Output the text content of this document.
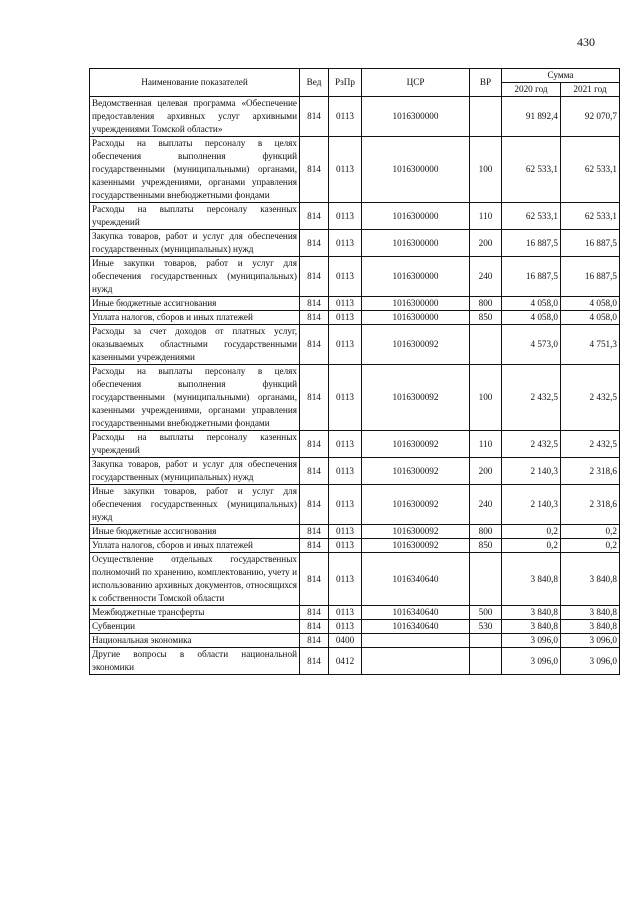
430
Наименование показателей	Вед	РзПр	ЦСР	ВР	Сумма	
					2020 год	2021 год
Ведомственная целевая программа «Обеспечение предоставления архивных услуг архивными учреждениями Томской области»	814	0113	1016300000		91 892,4	92 070,7
Расходы на выплаты персоналу в целях обеспечения выполнения функций государственными (муниципальными) органами, казенными учреждениями, органами управления государственными внебюджетными фондами	814	0113	1016300000	100	62 533,1	62 533,1
Расходы на выплаты персоналу казенных учреждений	814	0113	1016300000	110	62 533,1	62 533,1
Закупка товаров, работ и услуг для обеспечения государственных (муниципальных) нужд	814	0113	1016300000	200	16 887,5	16 887,5
Иные закупки товаров, работ и услуг для обеспечения государственных (муниципальных) нужд	814	0113	1016300000	240	16 887,5	16 887,5
Иные бюджетные ассигнования	814	0113	1016300000	800	4 058,0	4 058,0
Уплата налогов, сборов и иных платежей	814	0113	1016300000	850	4 058,0	4 058,0
Расходы за счет доходов от платных услуг, оказываемых областными государственными казенными учреждениями	814	0113	1016300092		4 573,0	4 751,3
Расходы на выплаты персоналу в целях обеспечения выполнения функций государственными (муниципальными) органами, казенными учреждениями, органами управления государственными внебюджетными фондами	814	0113	1016300092	100	2 432,5	2 432,5
Расходы на выплаты персоналу казенных учреждений	814	0113	1016300092	110	2 432,5	2 432,5
Закупка товаров, работ и услуг для обеспечения государственных (муниципальных) нужд	814	0113	1016300092	200	2 140,3	2 318,6
Иные закупки товаров, работ и услуг для обеспечения государственных (муниципальных) нужд	814	0113	1016300092	240	2 140,3	2 318,6
Иные бюджетные ассигнования	814	0113	1016300092	800	0,2	0,2
Уплата налогов, сборов и иных платежей	814	0113	1016300092	850	0,2	0,2
Осуществление отдельных государственных полномочий по хранению, комплектованию, учету и использованию архивных документов, относящихся к собственности Томской области	814	0113	1016340640		3 840,8	3 840,8
Межбюджетные трансферты	814	0113	1016340640	500	3 840,8	3 840,8
Субвенции	814	0113	1016340640	530	3 840,8	3 840,8
Национальная экономика	814	0400			3 096,0	3 096,0
Другие вопросы в области национальной экономики	814	0412			3 096,0	3 096,0
